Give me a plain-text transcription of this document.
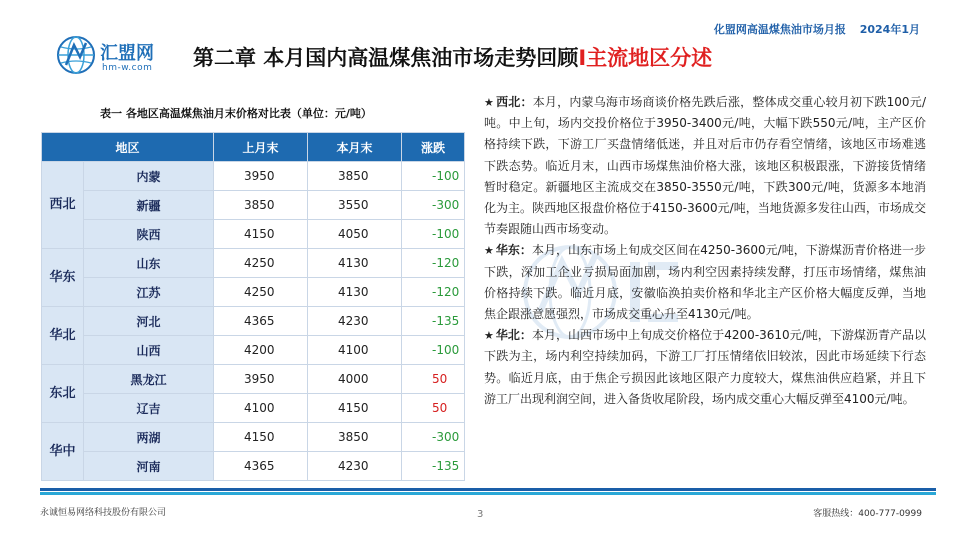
化盟网高温煤焦油市场月报 2024年1月
汇盟网
hm-w.com 第二章 本月国内高温煤焦油市场走势回顾I主流地区分述
表一 各地区高温煤焦油月末价格对比表（单位：元/吨）
地区		上月末	本月末	涨跌
西北	内蒙	3950	3850	-100
	新疆	3850	3550	-300
	陕西	4150	4050	-100
华东	山东	4250	4130	-120
	江苏	4250	4130	-120
华北	河北	4365	4230	-135
	山西	4200	4100	-100
东北	黑龙江	3950	4000	50
	辽吉	4100	4150	50
华中	两湖	4150	3850	-300
	河南	4365	4230	-135

★ 西北：本月，内蒙乌海市场商谈价格先跌后涨，整体成交重心较月初下跌100元/吨。中上旬，场内交投价格位于3950-3400元/吨，大幅下跌550元/吨，主产区价格持续下跌，下游工厂买盘情绪低迷，并且对后市仍存看空情绪，该地区市场难逃下跌态势。临近月末，山西市场煤焦油价格大涨，该地区积极跟涨，下游接货情绪暂时稳定。新疆地区主流成交在3850-3550元/吨，下跌300元/吨，货源多本地消化为主。陕西地区报盘价格位于4150-3600元/吨，当地货源多发往山西，市场成交节奏跟随山西市场变动。

★ 华东：本月，山东市场上旬成交区间在4250-3600元/吨，下游煤沥青价格进一步下跌，深加工企业亏损局面加剧，场内利空因素持续发酵，打压市场情绪，煤焦油价格持续下跌。临近月底，安徽临涣拍卖价格和华北主产区价格大幅度反弹，当地焦企跟涨意愿强烈，市场成交重心升至4130元/吨。

★ 华北：本月，山西市场中上旬成交价格位于4200-3610元/吨，下游煤沥青产品以下跌为主，场内利空持续加码，下游工厂打压情绪依旧较浓，因此市场延续下行态势。临近月底，由于焦企亏损因此该地区限产力度较大，煤焦油供应趋紧，并且下游工厂出现利润空间，进入备货收尾阶段，场内成交重心大幅反弹至4100元/吨。

永诚恒易网络科技股份有限公司	3	客服热线：400-777-0999
